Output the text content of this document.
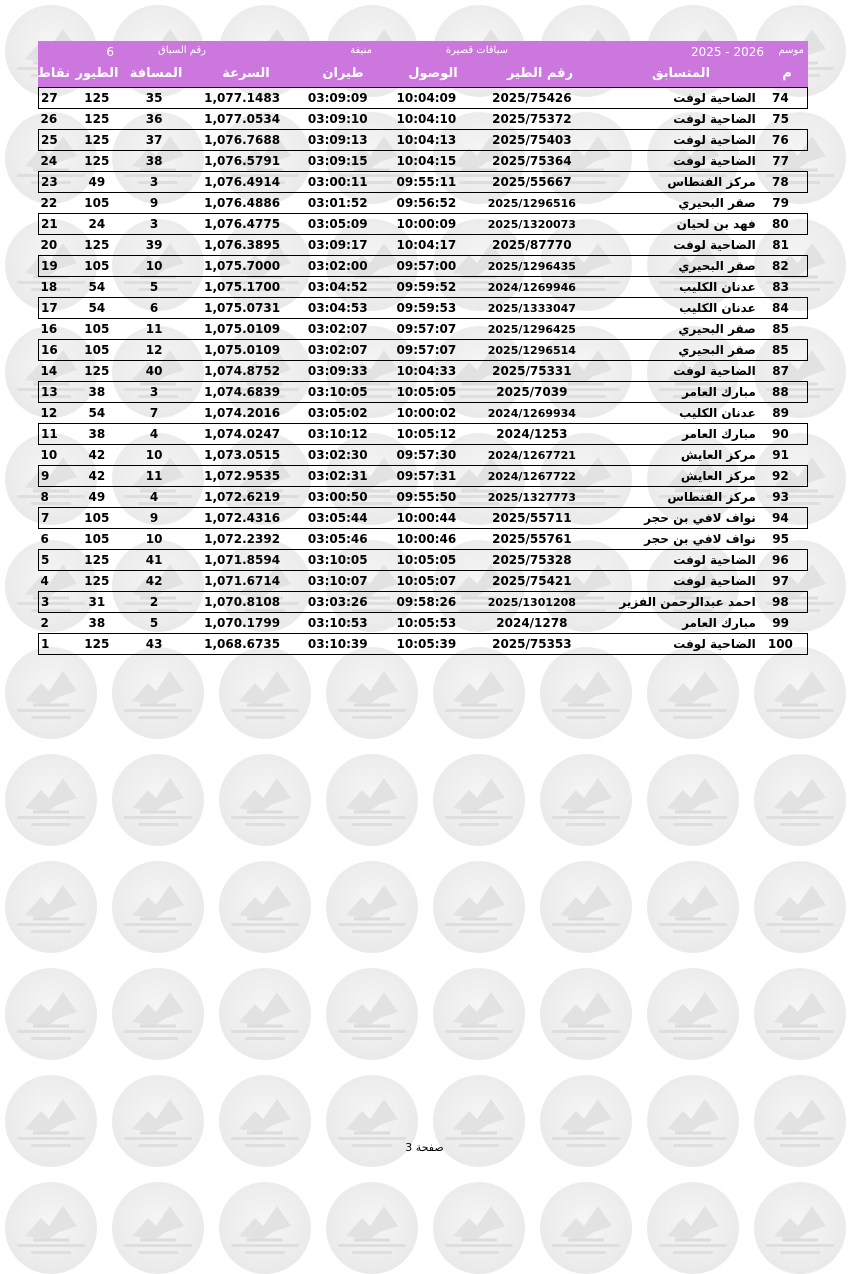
موسم
2026 - 2025
سباقات قصيرة
منيفة
رقم السباق
6
م
المتسابق
رقم الطير
الوصول
طيران
السرعة
المسافة
الطيور
نقاط
74	الضاحية لوفت	2025/75426	10:04:09	03:09:09	1,077.1483	35	125	27
75	الضاحية لوفت	2025/75372	10:04:10	03:09:10	1,077.0534	36	125	26
76	الضاحية لوفت	2025/75403	10:04:13	03:09:13	1,076.7688	37	125	25
77	الضاحية لوفت	2025/75364	10:04:15	03:09:15	1,076.5791	38	125	24
78	مركز الفنطاس	2025/55667	09:55:11	03:00:11	1,076.4914	3	49	23
79	صقر البحيري	2025/1296516	09:56:52	03:01:52	1,076.4886	9	105	22
80	فهد بن لحيان	2025/1320073	10:00:09	03:05:09	1,076.4775	3	24	21
81	الضاحية لوفت	2025/87770	10:04:17	03:09:17	1,076.3895	39	125	20
82	صقر البحيري	2025/1296435	09:57:00	03:02:00	1,075.7000	10	105	19
83	عدنان الكليب	2024/1269946	09:59:52	03:04:52	1,075.1700	5	54	18
84	عدنان الكليب	2025/1333047	09:59:53	03:04:53	1,075.0731	6	54	17
85	صقر البحيري	2025/1296425	09:57:07	03:02:07	1,075.0109	11	105	16
85	صقر البحيري	2025/1296514	09:57:07	03:02:07	1,075.0109	12	105	16
87	الضاحية لوفت	2025/75331	10:04:33	03:09:33	1,074.8752	40	125	14
88	مبارك العامر	2025/7039	10:05:05	03:10:05	1,074.6839	3	38	13
89	عدنان الكليب	2024/1269934	10:00:02	03:05:02	1,074.2016	7	54	12
90	مبارك العامر	2024/1253	10:05:12	03:10:12	1,074.0247	4	38	11
91	مركز العايش	2024/1267721	09:57:30	03:02:30	1,073.0515	10	42	10
92	مركز العايش	2024/1267722	09:57:31	03:02:31	1,072.9535	11	42	9
93	مركز الفنطاس	2025/1327773	09:55:50	03:00:50	1,072.6219	4	49	8
94	نواف لافي بن حجر	2025/55711	10:00:44	03:05:44	1,072.4316	9	105	7
95	نواف لافي بن حجر	2025/55761	10:00:46	03:05:46	1,072.2392	10	105	6
96	الضاحية لوفت	2025/75328	10:05:05	03:10:05	1,071.8594	41	125	5
97	الضاحية لوفت	2025/75421	10:05:07	03:10:07	1,071.6714	42	125	4
98	احمد عبدالرحمن الفزير	2025/1301208	09:58:26	03:03:26	1,070.8108	2	31	3
99	مبارك العامر	2024/1278	10:05:53	03:10:53	1,070.1799	5	38	2
100	الضاحية لوفت	2025/75353	10:05:39	03:10:39	1,068.6735	43	125	1
صفحة 3
